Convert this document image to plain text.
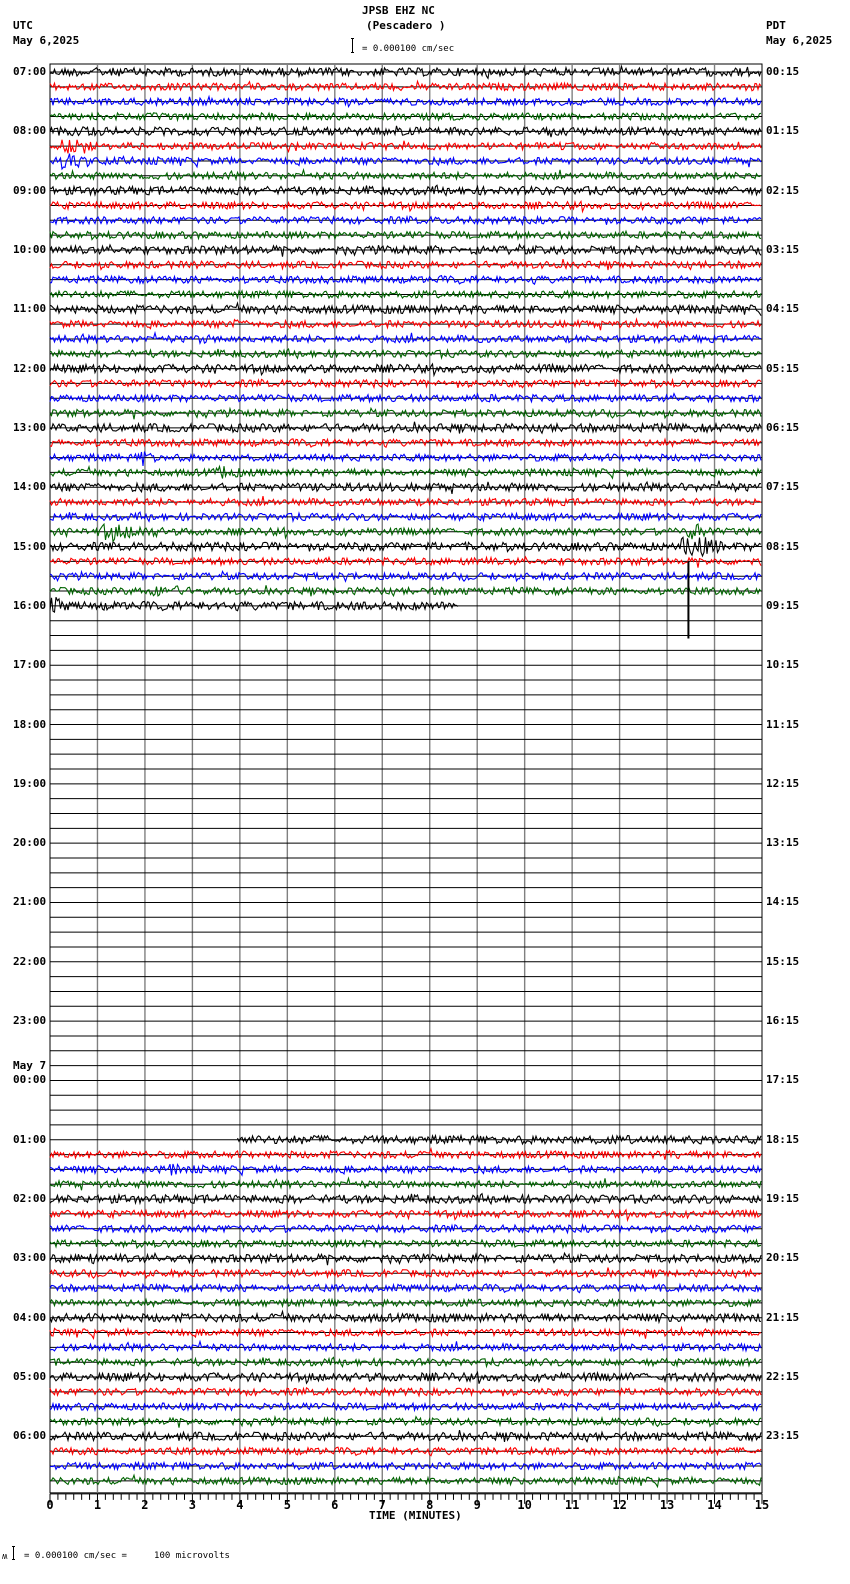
JPSB EHZ NC
(Pescadero )
UTC
May 6,2025
PDT
May 6,2025
= 0.000100 cm/sec
07:00
08:00
09:00
10:00
11:00
12:00
13:00
14:00
15:00
16:00
17:00
18:00
19:00
20:00
21:00
22:00
23:00
May 7
00:00
01:00
02:00
03:00
04:00
05:00
06:00
00:15
01:15
02:15
03:15
04:15
05:15
06:15
07:15
08:15
09:15
10:15
11:15
12:15
13:15
14:15
15:15
16:15
17:15
18:15
19:15
20:15
21:15
22:15
23:15
0	1	2	3	4	5	6	7	8	9	10	11	12	13	14	15
TIME (MINUTES)
ʍ = 0.000100 cm/sec =     100 microvolts
